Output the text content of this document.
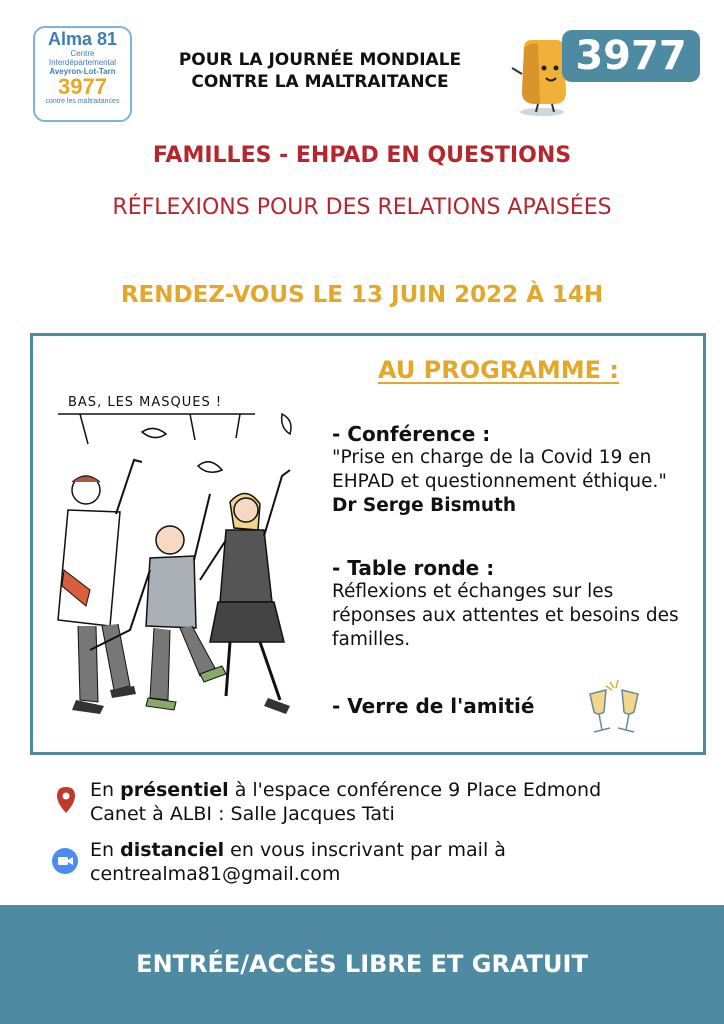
Alma 81
Centre
Interdépartemental
Aveyron-Lot-Tarn
3977
contre les maltraitances
POUR LA JOURNÉE MONDIALE
CONTRE LA MALTRAITANCE
3977
FAMILLES - EHPAD EN QUESTIONS
RÉFLEXIONS POUR DES RELATIONS APAISÉES
RENDEZ-VOUS LE 13 JUIN 2022 À 14H
BAS, LES MASQUES !
AU PROGRAMME :
- Conférence :
"Prise en charge de la Covid 19 en EHPAD et questionnement éthique." Dr Serge Bismuth
- Table ronde :
Réflexions et échanges sur les réponses aux attentes et besoins des familles.
- Verre de l'amitié
En présentiel à l'espace conférence 9 Place Edmond Canet à ALBI : Salle Jacques Tati
En distanciel en vous inscrivant par mail à centrealma81@gmail.com
ENTRÉE/ACCÈS LIBRE ET GRATUIT
